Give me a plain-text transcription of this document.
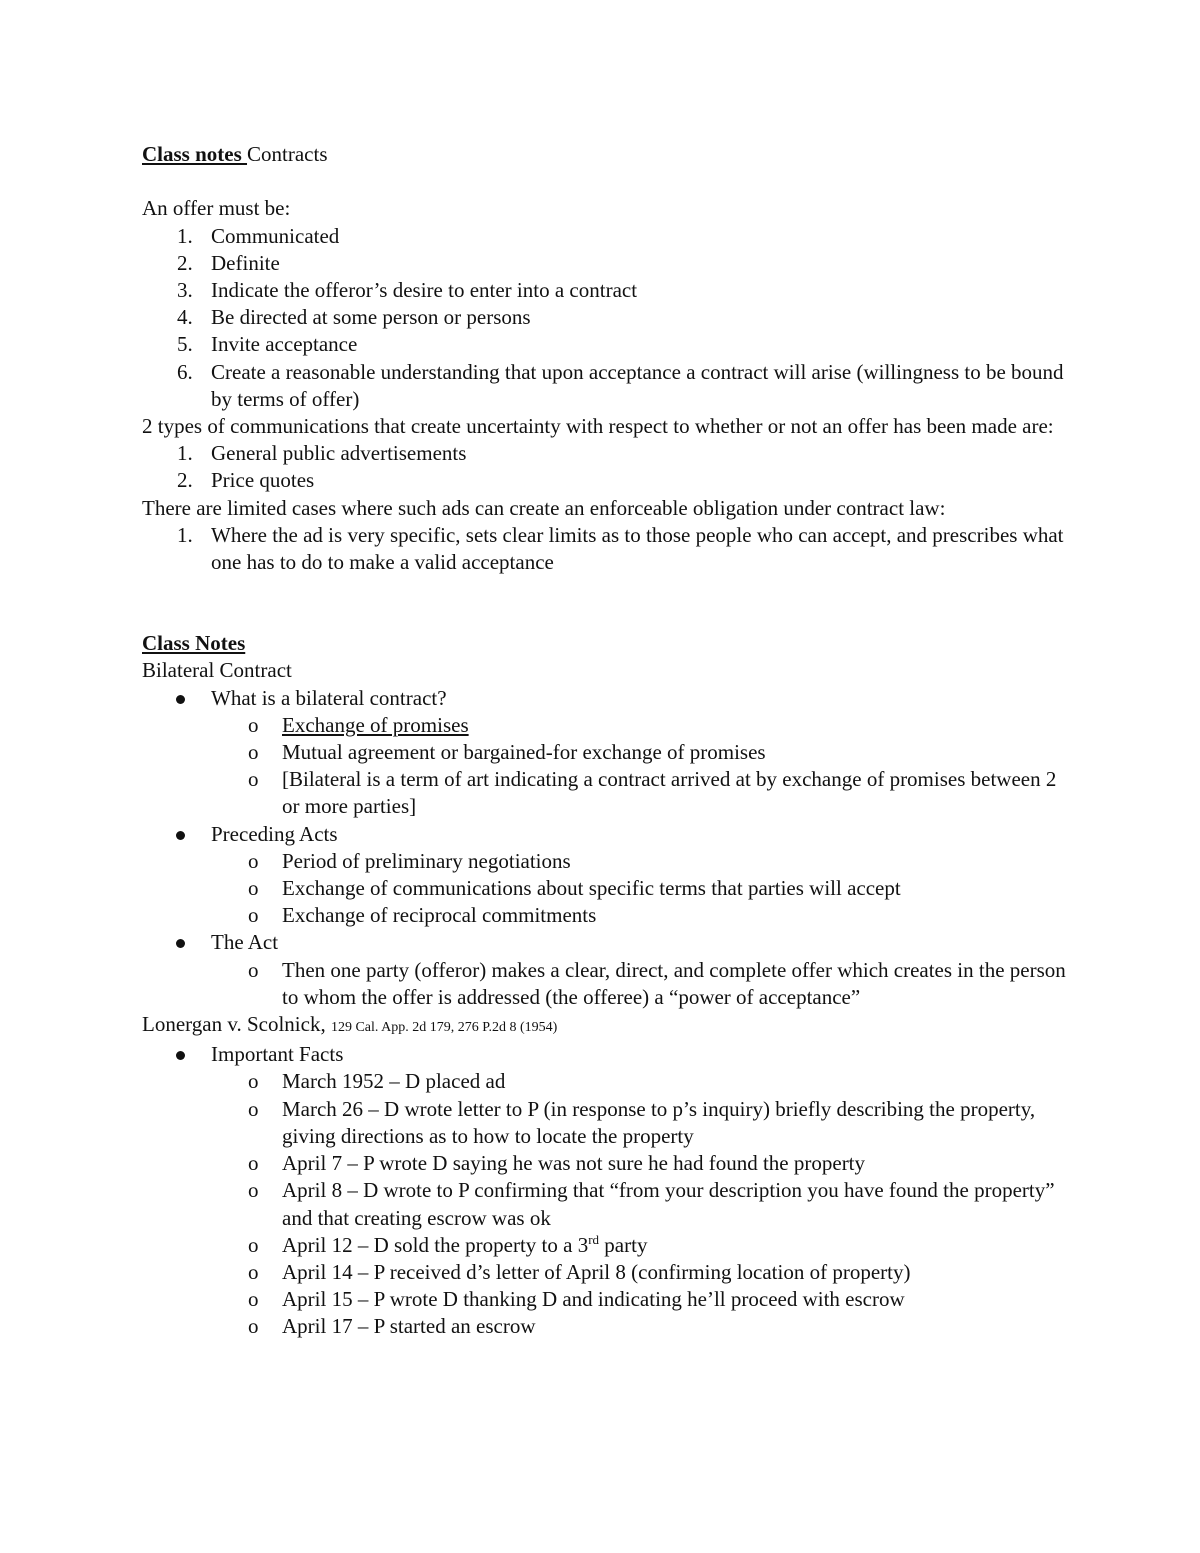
Class notes Contracts
An offer must be:
1. Communicated
2. Definite
3. Indicate the offeror’s desire to enter into a contract
4. Be directed at some person or persons
5. Invite acceptance
6. Create a reasonable understanding that upon acceptance a contract will arise (willingness to be bound by terms of offer)
2 types of communications that create uncertainty with respect to whether or not an offer has been made are:
1. General public advertisements
2. Price quotes
There are limited cases where such ads can create an enforceable obligation under contract law:
1. Where the ad is very specific, sets clear limits as to those people who can accept, and prescribes what one has to do to make a valid acceptance
Class Notes
Bilateral Contract
What is a bilateral contract?
o Exchange of promises
o Mutual agreement or bargained-for exchange of promises
o [Bilateral is a term of art indicating a contract arrived at by exchange of promises between 2 or more parties]
Preceding Acts
o Period of preliminary negotiations
o Exchange of communications about specific terms that parties will accept
o Exchange of reciprocal commitments
The Act
o Then one party (offeror) makes a clear, direct, and complete offer which creates in the person to whom the offer is addressed (the offeree) a “power of acceptance”
Lonergan v. Scolnick, 129 Cal. App. 2d 179, 276 P.2d 8 (1954)
Important Facts
o March 1952 – D placed ad
o March 26 – D wrote letter to P (in response to p’s inquiry) briefly describing the property, giving directions as to how to locate the property
o April 7 – P wrote D saying he was not sure he had found the property
o April 8 – D wrote to P confirming that “from your description you have found the property” and that creating escrow was ok
o April 12 – D sold the property to a 3rd party
o April 14 – P received d’s letter of April 8 (confirming location of property)
o April 15 – P wrote D thanking D and indicating he’ll proceed with escrow
o April 17 – P started an escrow
